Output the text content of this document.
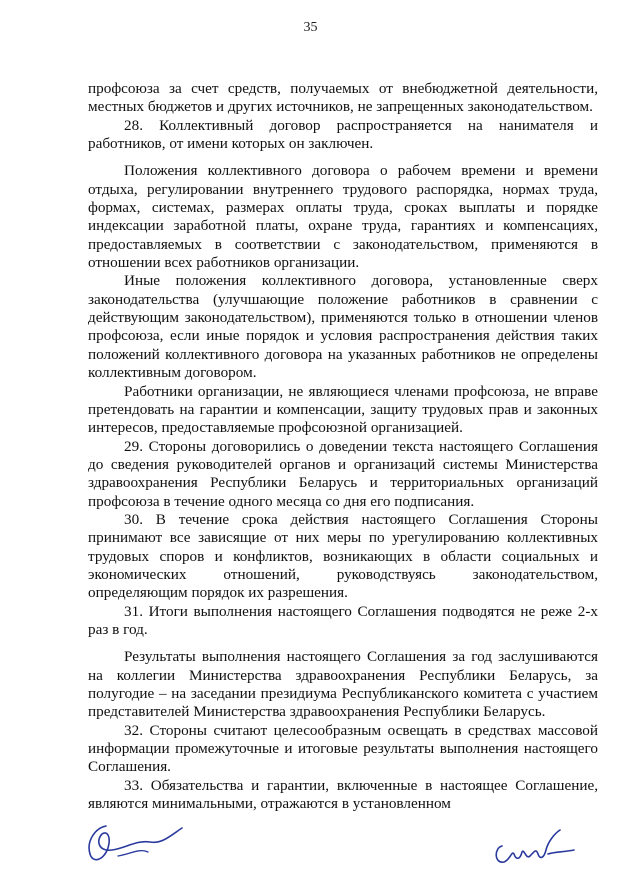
35

профсоюза за счет средств, получаемых от внебюджетной деятельности, местных бюджетов и других источников, не запрещенных законодательством.

28. Коллективный договор распространяется на нанимателя и работников, от имени которых он заключен.

Положения коллективного договора о рабочем времени и времени отдыха, регулировании внутреннего трудового распорядка, нормах труда, формах, системах, размерах оплаты труда, сроках выплаты и порядке индексации заработной платы, охране труда, гарантиях и компенсациях, предоставляемых в соответствии с законодательством, применяются в отношении всех работников организации.

Иные положения коллективного договора, установленные сверх законодательства (улучшающие положение работников в сравнении с действующим законодательством), применяются только в отношении членов профсоюза, если иные порядок и условия распространения действия таких положений коллективного договора на указанных работников не определены коллективным договором.

Работники организации, не являющиеся членами профсоюза, не вправе претендовать на гарантии и компенсации, защиту трудовых прав и законных интересов, предоставляемые профсоюзной организацией.

29. Стороны договорились о доведении текста настоящего Соглашения до сведения руководителей органов и организаций системы Министерства здравоохранения Республики Беларусь и территориальных организаций профсоюза в течение одного месяца со дня его подписания.

30. В течение срока действия настоящего Соглашения Стороны принимают все зависящие от них меры по урегулированию коллективных трудовых споров и конфликтов, возникающих в области социальных и экономических отношений, руководствуясь законодательством, определяющим порядок их разрешения.

31. Итоги выполнения настоящего Соглашения подводятся не реже 2-х раз в год.

Результаты выполнения настоящего Соглашения за год заслушиваются на коллегии Министерства здравоохранения Республики Беларусь, за полугодие – на заседании президиума Республиканского комитета с участием представителей Министерства здравоохранения Республики Беларусь.

32. Стороны считают целесообразным освещать в средствах массовой информации промежуточные и итоговые результаты выполнения настоящего Соглашения.

33. Обязательства и гарантии, включенные в настоящее Соглашение, являются минимальными, отражаются в установленном
